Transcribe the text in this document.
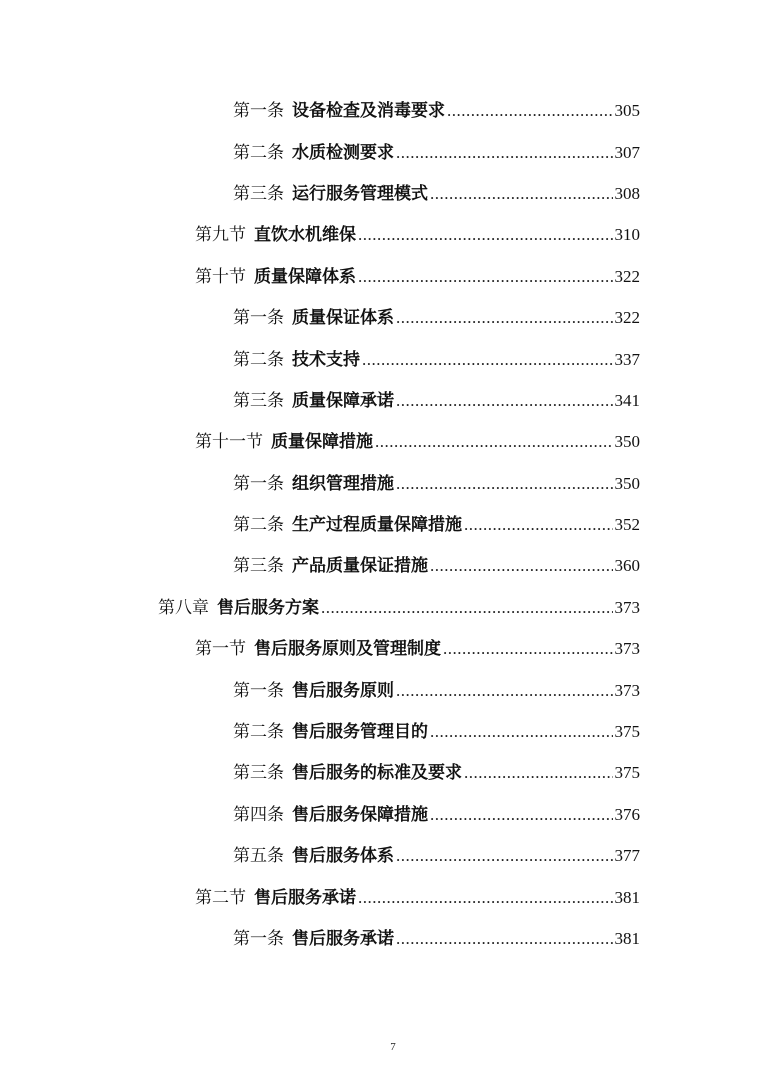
第一条 设备检查及消毒要求 .....	305
第二条 水质检测要求 .....	307
第三条 运行服务管理模式 .....	308
第九节 直饮水机维保 .....	310
第十节 质量保障体系 .....	322
第一条 质量保证体系 .....	322
第二条 技术支持 .....	337
第三条 质量保障承诺 .....	341
第十一节 质量保障措施 .....	350
第一条 组织管理措施 .....	350
第二条 生产过程质量保障措施 .....	352
第三条 产品质量保证措施 .....	360
第八章 售后服务方案 .....	373
第一节 售后服务原则及管理制度 .....	373
第一条 售后服务原则 .....	373
第二条 售后服务管理目的 .....	375
第三条 售后服务的标准及要求 .....	375
第四条 售后服务保障措施 .....	376
第五条 售后服务体系 .....	377
第二节 售后服务承诺 .....	381
第一条 售后服务承诺 .....	381
7
